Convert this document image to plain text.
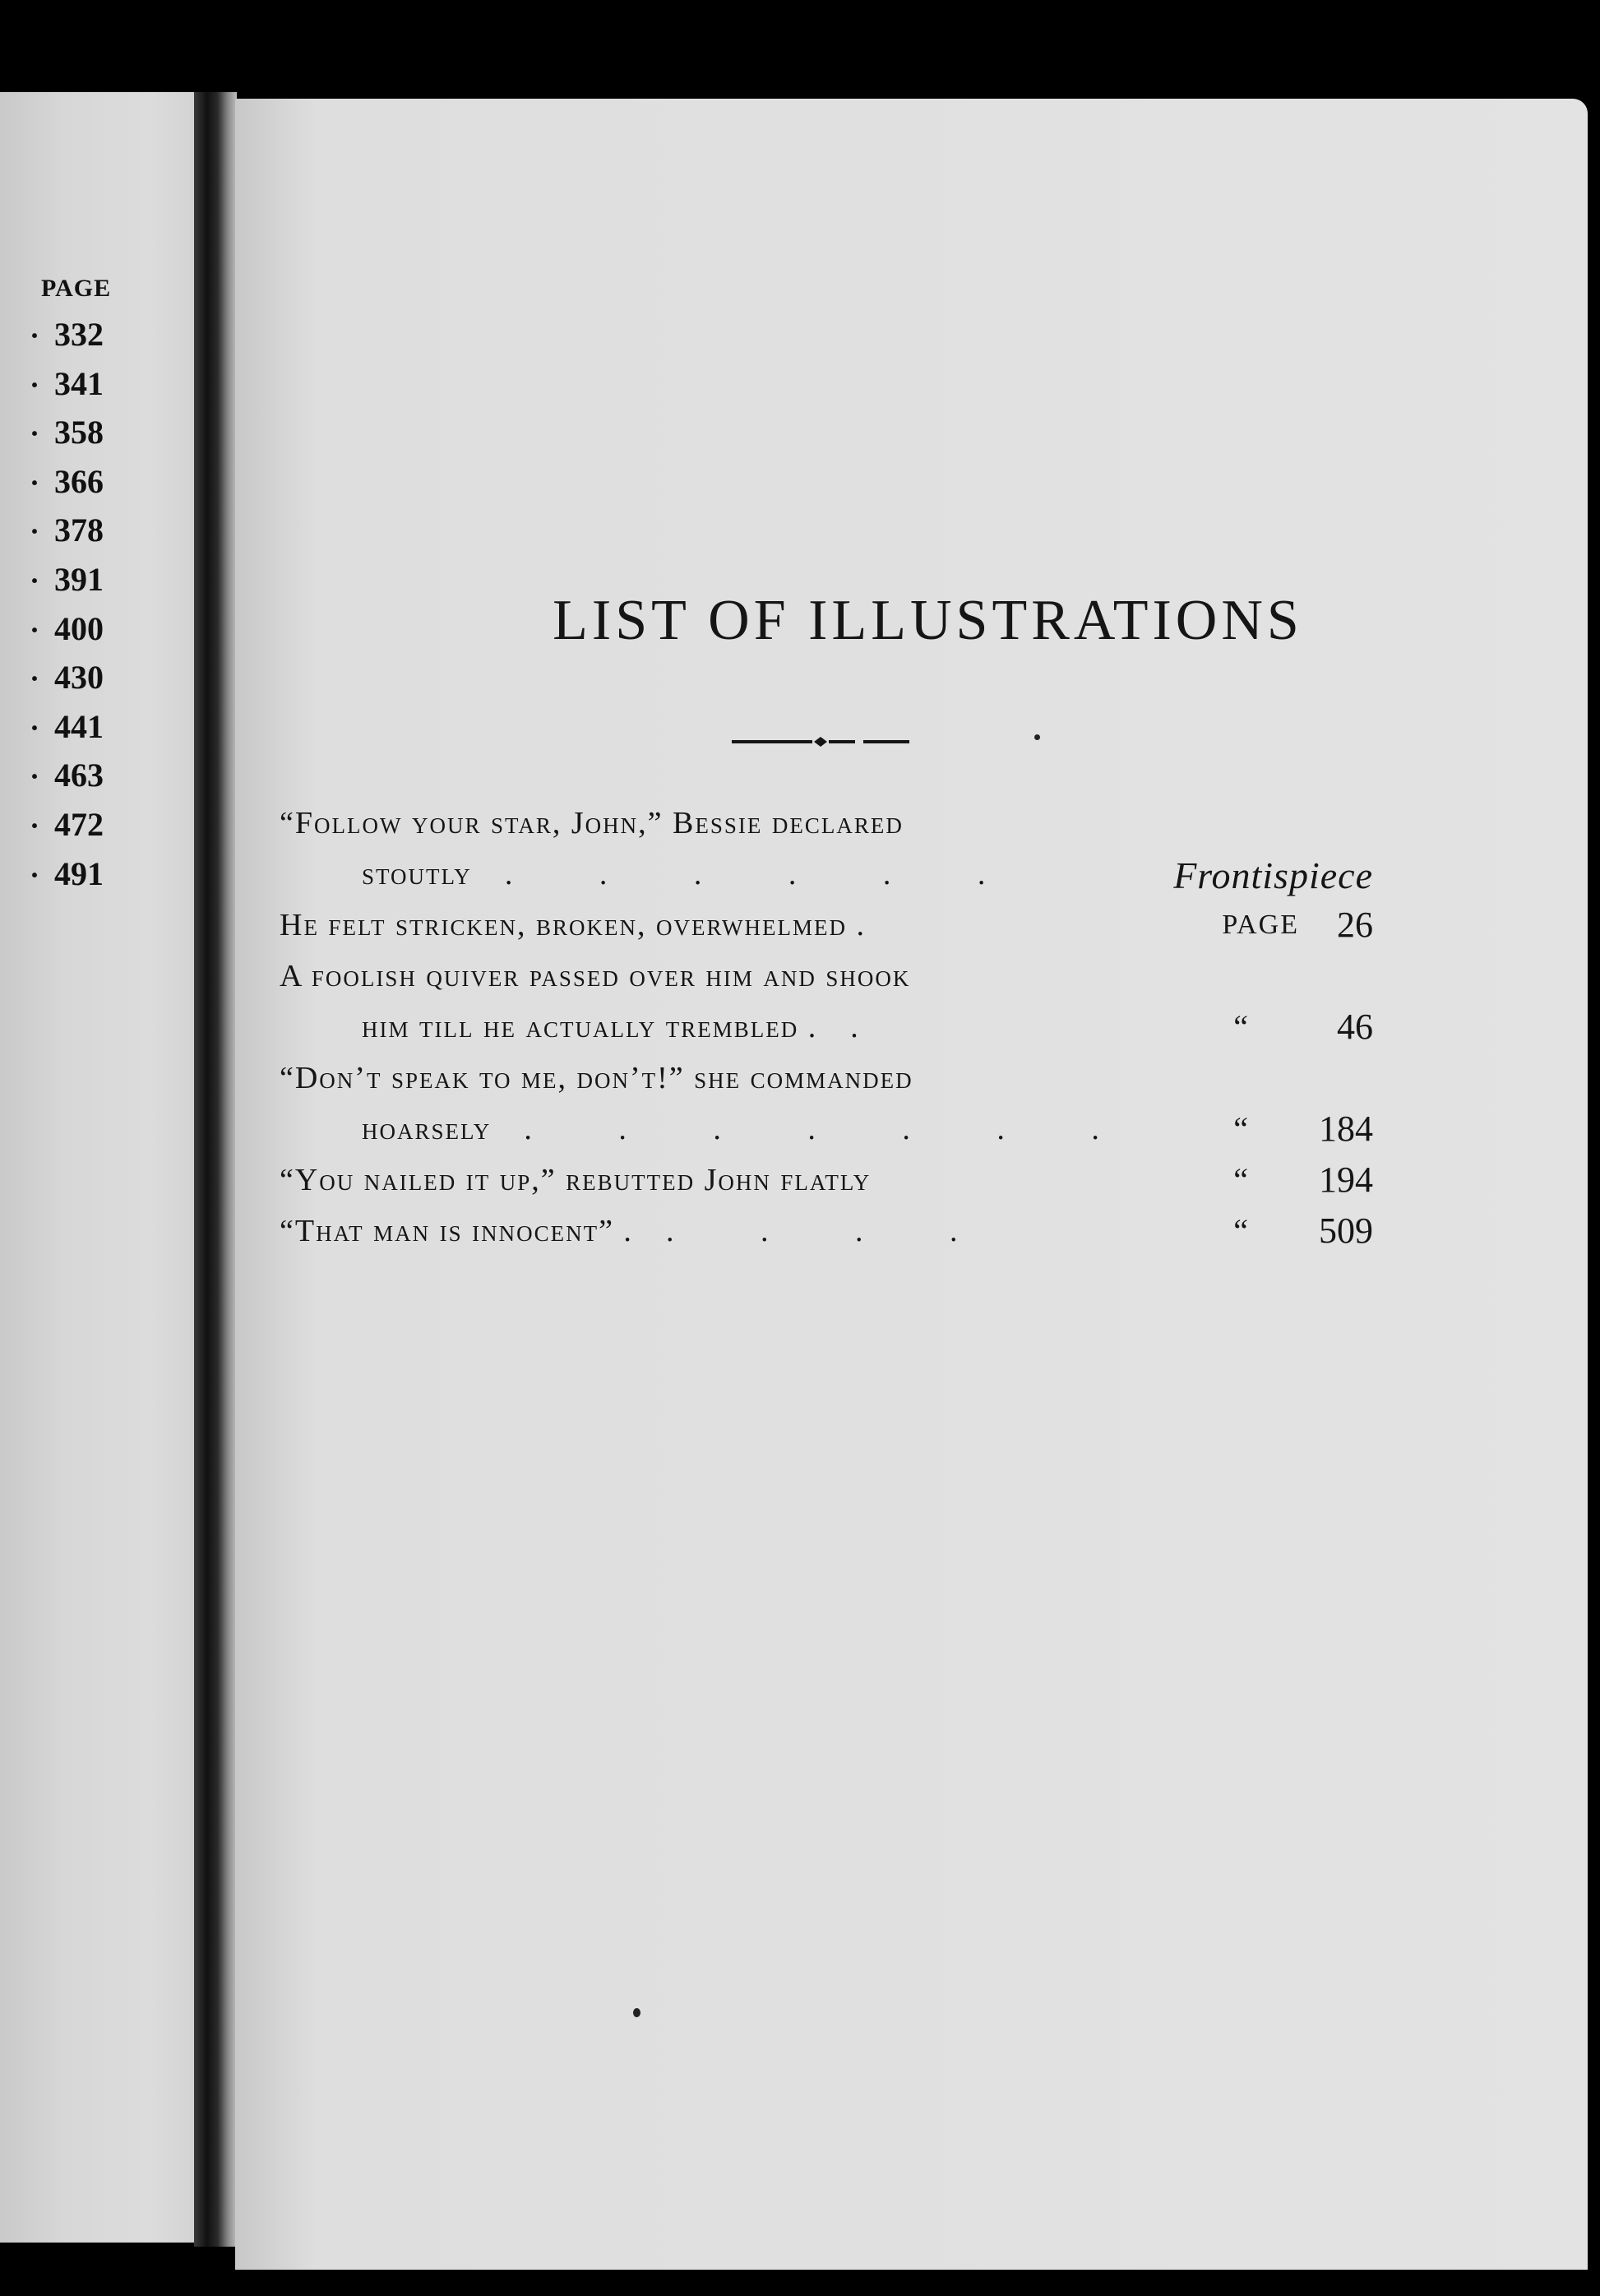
PAGE
· 332
· 341
· 358
· 366
· 378
· 391
· 400
· 430
· 441
· 463
· 472
· 491
LIST OF ILLUSTRATIONS
“Follow your star, John,” Bessie declared
stoutly . . . . . .	Frontispiece
He felt stricken, broken, overwhelmed .	PAGE 26
A foolish quiver passed over him and shook
him till he actually trembled . .	“ 46
“Don’t speak to me, don’t!” she commanded
hoarsely . . . . . . .	“ 184
“You nailed it up,” rebutted John flatly	“ 194
“That man is innocent” . . . . .	“ 509
